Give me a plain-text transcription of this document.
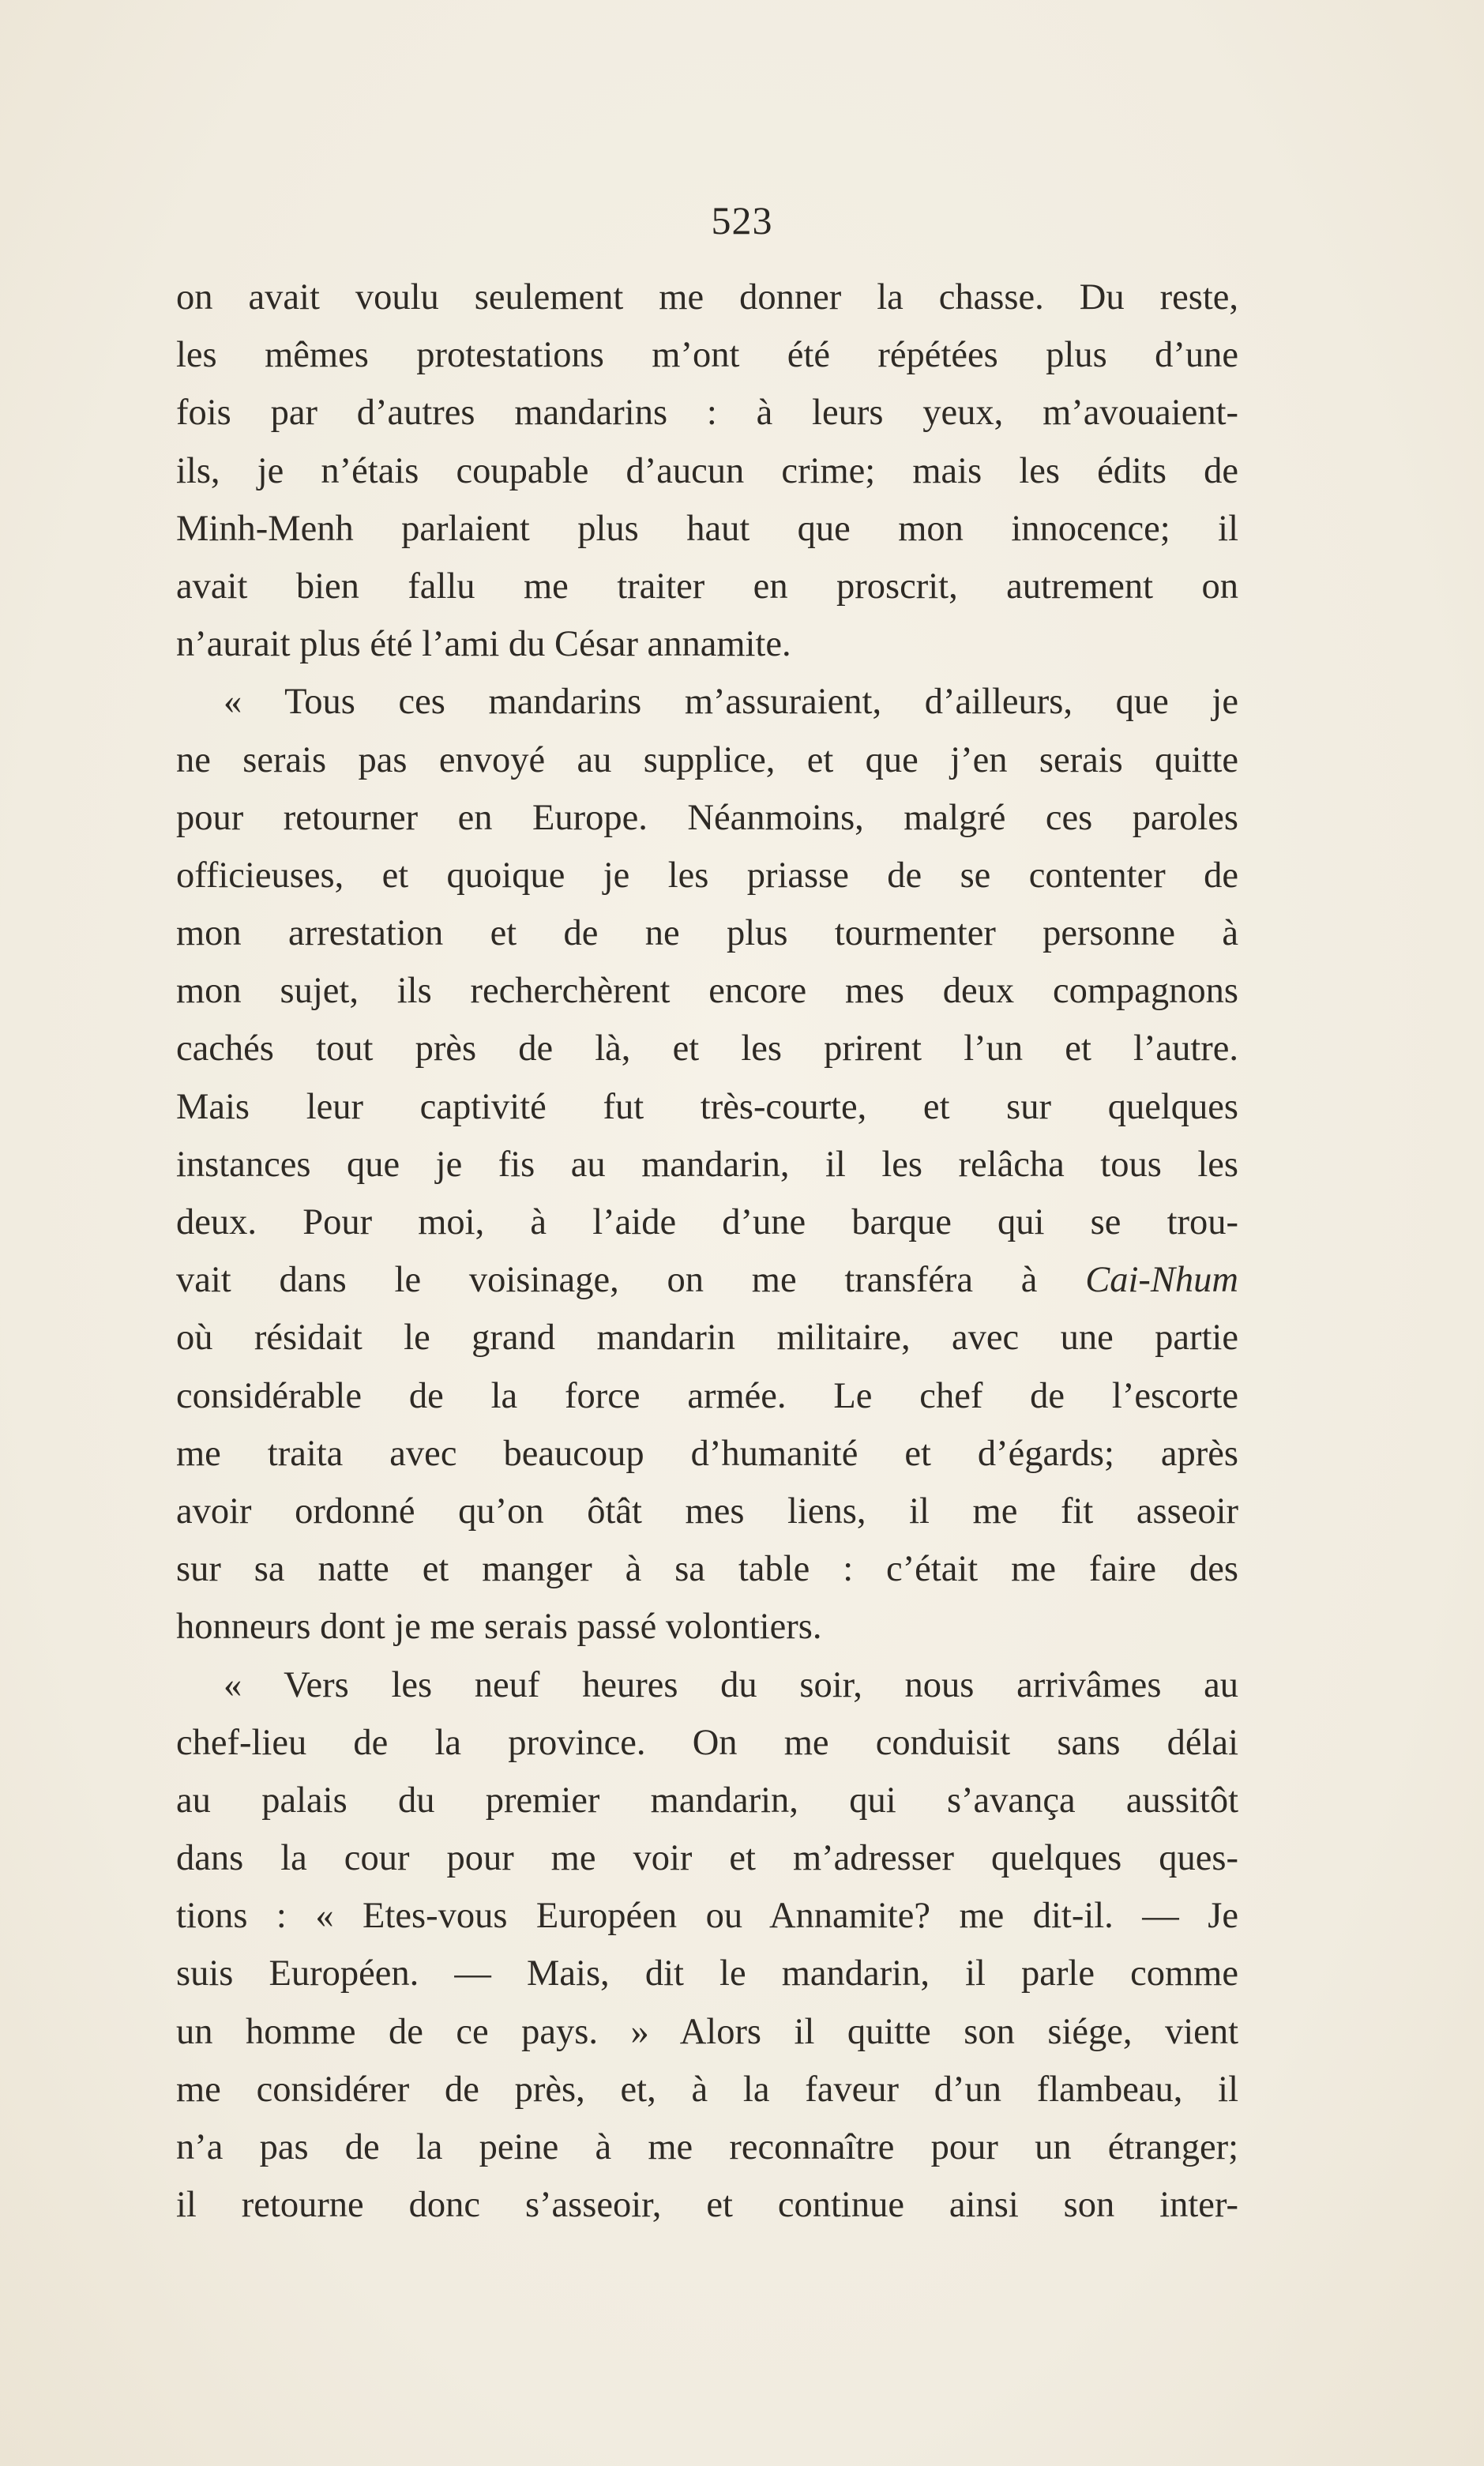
523
on avait voulu seulement me donner la chasse. Du reste,
les mêmes protestations m’ont été répétées plus d’une
fois par d’autres mandarins : à leurs yeux, m’avouaient-
ils, je n’étais coupable d’aucun crime; mais les édits de
Minh-Menh parlaient plus haut que mon innocence; il
avait bien fallu me traiter en proscrit, autrement on
n’aurait plus été l’ami du César annamite.
« Tous ces mandarins m’assuraient, d’ailleurs, que je
ne serais pas envoyé au supplice, et que j’en serais quitte
pour retourner en Europe. Néanmoins, malgré ces paroles
officieuses, et quoique je les priasse de se contenter de
mon arrestation et de ne plus tourmenter personne à
mon sujet, ils recherchèrent encore mes deux compagnons
cachés tout près de là, et les prirent l’un et l’autre.
Mais leur captivité fut très-courte, et sur quelques
instances que je fis au mandarin, il les relâcha tous les
deux. Pour moi, à l’aide d’une barque qui se trou-
vait dans le voisinage, on me transféra à Cai-Nhum
où résidait le grand mandarin militaire, avec une partie
considérable de la force armée. Le chef de l’escorte
me traita avec beaucoup d’humanité et d’égards; après
avoir ordonné qu’on ôtât mes liens, il me fit asseoir
sur sa natte et manger à sa table : c’était me faire des
honneurs dont je me serais passé volontiers.
« Vers les neuf heures du soir, nous arrivâmes au
chef-lieu de la province. On me conduisit sans délai
au palais du premier mandarin, qui s’avança aussitôt
dans la cour pour me voir et m’adresser quelques ques-
tions : « Etes-vous Européen ou Annamite? me dit-il. — Je
suis Européen. — Mais, dit le mandarin, il parle comme
un homme de ce pays. » Alors il quitte son siége, vient
me considérer de près, et, à la faveur d’un flambeau, il
n’a pas de la peine à me reconnaître pour un étranger;
il retourne donc s’asseoir, et continue ainsi son inter-
